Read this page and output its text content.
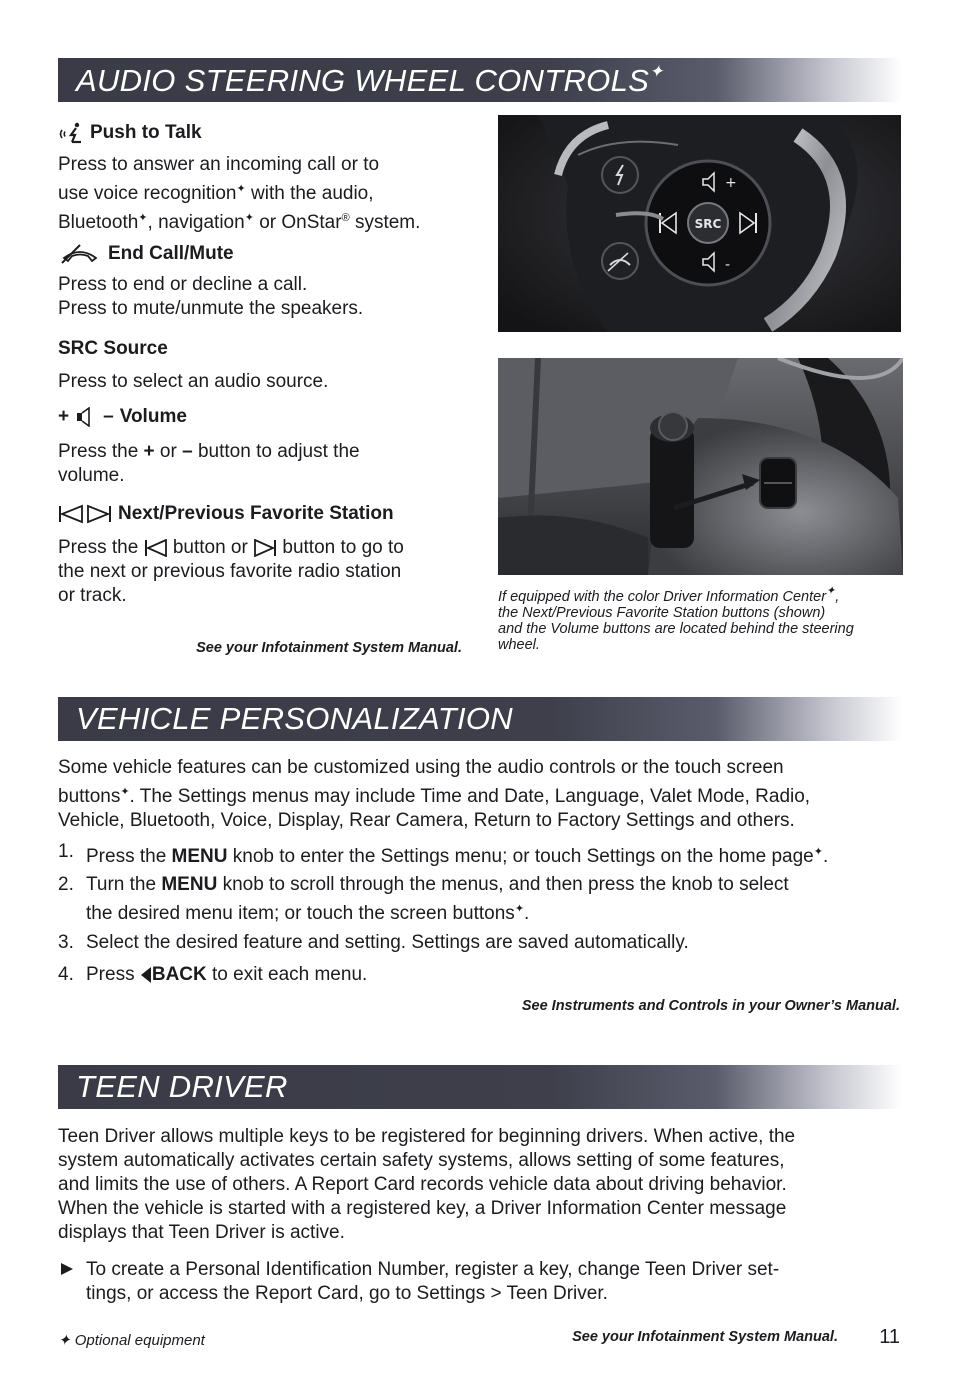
AUDIO STEERING WHEEL CONTROLS✦
Push to Talk
Press to answer an incoming call or to
use voice recognition✦ with the audio,
Bluetooth✦, navigation✦ or OnStar® system.
End Call/Mute
Press to end or decline a call.
Press to mute/unmute the speakers.
SRC Source
Press to select an audio source.
+ – Volume
Press the + or – button to adjust the
volume.
Next/Previous Favorite Station
Press the  button or  button to go to
the next or previous favorite radio station
or track.
See your Infotainment System Manual.
SRC
+
-
If equipped with the color Driver Information Center✦,
the Next/Previous Favorite Station buttons (shown)
and the Volume buttons are located behind the steering
wheel.
VEHICLE PERSONALIZATION
Some vehicle features can be customized using the audio controls or the touch screen
buttons✦. The Settings menus may include Time and Date, Language, Valet Mode, Radio,
Vehicle, Bluetooth, Voice, Display, Rear Camera, Return to Factory Settings and others.
1. Press the MENU knob to enter the Settings menu; or touch Settings on the home page✦.
2. Turn the MENU knob to scroll through the menus, and then press the knob to select
the desired menu item; or touch the screen buttons✦.
3. Select the desired feature and setting. Settings are saved automatically.
4. Press BACK to exit each menu.
See Instruments and Controls in your Owner’s Manual.
TEEN DRIVER
Teen Driver allows multiple keys to be registered for beginning drivers. When active, the
system automatically activates certain safety systems, allows setting of some features,
and limits the use of others. A Report Card records vehicle data about driving behavior.
When the vehicle is started with a registered key, a Driver Information Center message
displays that Teen Driver is active.
To create a Personal Identification Number, register a key, change Teen Driver set-
tings, or access the Report Card, go to Settings > Teen Driver.
✦ Optional equipment	See your Infotainment System Manual.	11
